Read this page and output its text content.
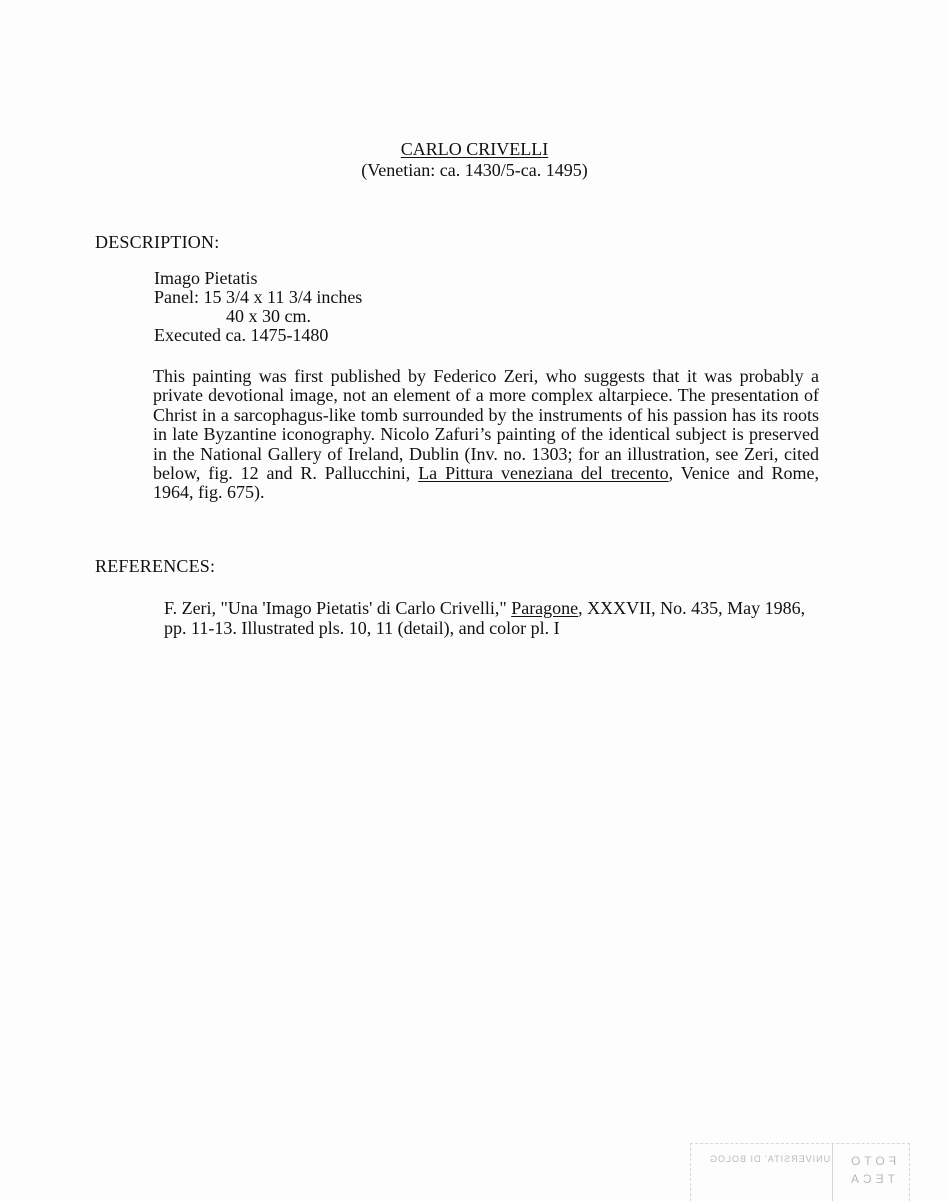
CARLO CRIVELLI
(Venetian: ca. 1430/5-ca. 1495)
DESCRIPTION:
Imago Pietatis
Panel: 15 3/4 x 11 3/4 inches
40 x 30 cm.
Executed ca. 1475-1480
This painting was first published by Federico Zeri, who suggests that it was probably a private devotional image, not an element of a more complex altarpiece. The presentation of Christ in a sarcophagus-like tomb surrounded by the instruments of his passion has its roots in late Byzantine iconography. Nicolo Zafuri’s painting of the identical subject is preserved in the National Gallery of Ireland, Dublin (Inv. no. 1303; for an illustration, see Zeri, cited below, fig. 12 and R. Pallucchini, La Pittura veneziana del trecento, Venice and Rome, 1964, fig. 675).
REFERENCES:
F. Zeri, "Una 'Imago Pietatis' di Carlo Crivelli," Paragone, XXXVII, No. 435, May 1986, pp. 11-13. Illustrated pls. 10, 11 (detail), and color pl. I
UNIVERSITA' DI BOLOG FOTO
TECA
